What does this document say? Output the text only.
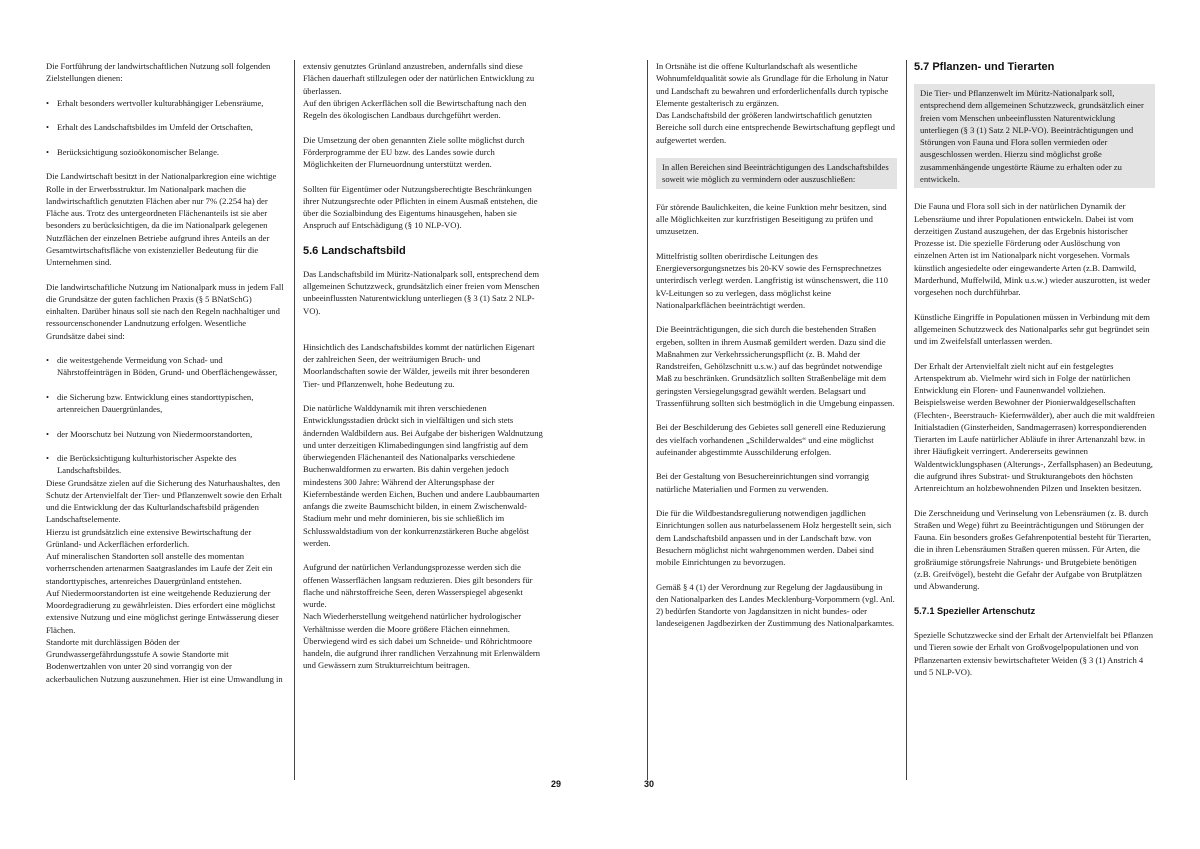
Die Fortführung der landwirtschaftlichen Nutzung soll folgenden Zielstellungen dienen:

• Erhalt besonders wertvoller kulturabhängiger Lebensräume,
• Erhalt des Landschaftsbildes im Umfeld der Ortschaften,
• Berücksichtigung sozioökonomischer Belange.

Die Landwirtschaft besitzt in der Nationalparkregion eine wichtige Rolle in der Erwerbsstruktur. Im Nationalpark machen die landwirtschaftlich genutzten Flächen aber nur 7% (2.254 ha) der Fläche aus. Trotz des untergeordneten Flächenanteils ist sie aber besonders zu berücksichtigen, da die im Nationalpark gelegenen Nutzflächen der einzelnen Betriebe aufgrund ihres Anteils an der Gesamtwirtschaftsfläche von existenzieller Bedeutung für die Unternehmen sind.

Die landwirtschaftliche Nutzung im Nationalpark muss in jedem Fall die Grundsätze der guten fachlichen Praxis (§ 5 BNatSchG) einhalten. Darüber hinaus soll sie nach den Regeln nachhaltiger und ressourcenschonender Landnutzung erfolgen. Wesentliche Grundsätze dabei sind:

• die weitestgehende Vermeidung von Schad- und Nährstoffeinträgen in Böden, Grund- und Oberflächengewässer,
• die Sicherung bzw. Entwicklung eines standorttypischen, artenreichen Dauergrünlandes,
• der Moorschutz bei Nutzung von Niedermoorstandorten,
• die Berücksichtigung kulturhistorischer Aspekte des Landschaftsbildes.

Diese Grundsätze zielen auf die Sicherung des Naturhaushaltes, den Schutz der Artenvielfalt der Tier- und Pflanzenwelt sowie den Erhalt und die Entwicklung der das Kulturlandschaftsbild prägenden Landschaftselemente.

Hierzu ist grundsätzlich eine extensive Bewirtschaftung der Grünland- und Ackerflächen erforderlich.

Auf mineralischen Standorten soll anstelle des momentan vorherrschenden artenarmen Saatgraslandes im Laufe der Zeit ein standorttypisches, artenreiches Dauergrünland entstehen.

Auf Niedermoorstandorten ist eine weitgehende Reduzierung der Moordegradierung zu gewährleisten. Dies erfordert eine möglichst extensive Nutzung und eine möglichst geringe Entwässerung dieser Flächen.

Standorte mit durchlässigen Böden der Grundwassergefährdungsstufe A sowie Standorte mit Bodenwertzahlen von unter 20 sind vorrangig von der ackerbaulichen Nutzung auszunehmen. Hier ist eine Umwandlung in

extensiv genutztes Grünland anzustreben, andernfalls sind diese Flächen dauerhaft stillzulegen oder der natürlichen Entwicklung zu überlassen.

Auf den übrigen Ackerflächen soll die Bewirtschaftung nach den Regeln des ökologischen Landbaus durchgeführt werden.

Die Umsetzung der oben genannten Ziele sollte möglichst durch Förderprogramme der EU bzw. des Landes sowie durch Möglichkeiten der Flurneuordnung unterstützt werden.

Sollten für Eigentümer oder Nutzungsberechtigte Beschränkungen ihrer Nutzungsrechte oder Pflichten in einem Ausmaß entstehen, die über die Sozialbindung des Eigentums hinausgehen, haben sie Anspruch auf Entschädigung (§ 10 NLP-VO).

5.6 Landschaftsbild

Das Landschaftsbild im Müritz-Nationalpark soll, entsprechend dem allgemeinen Schutzzweck, grundsätzlich einer freien vom Menschen unbeeinflussten Naturentwicklung unterliegen (§ 3 (1) Satz 2 NLP-VO).

Hinsichtlich des Landschaftsbildes kommt der natürlichen Eigenart der zahlreichen Seen, der weiträumigen Bruch- und Moorlandschaften sowie der Wälder, jeweils mit ihrer besonderen Tier- und Pflanzenwelt, hohe Bedeutung zu.

Die natürliche Walddynamik mit ihren verschiedenen Entwicklungsstadien drückt sich in vielfältigen und sich stets ändernden Waldbildern aus. Bei Aufgabe der bisherigen Waldnutzung und unter derzeitigen Klimabedingungen sind langfristig auf dem überwiegenden Flächenanteil des Nationalparks verschiedene Buchenwaldformen zu erwarten. Bis dahin vergehen jedoch mindestens 300 Jahre: Während der Alterungsphase der Kiefernbestände werden Eichen, Buchen und andere Laubbaumarten anfangs die zweite Baumschicht bilden, in einem Zwischenwald-Stadium mehr und mehr dominieren, bis sie schließlich im Schlusswaldstadium von der konkurrenzstärkeren Buche abgelöst werden.

Aufgrund der natürlichen Verlandungsprozesse werden sich die offenen Wasserflächen langsam reduzieren. Dies gilt besonders für flache und nährstoffreiche Seen, deren Wasserspiegel abgesenkt wurde.

Nach Wiederherstellung weitgehend natürlicher hydrologischer Verhältnisse werden die Moore größere Flächen einnehmen. Überwiegend wird es sich dabei um Schneide- und Röhrichtmoore handeln, die aufgrund ihrer randlichen Verzahnung mit Erlenwäldern und Gewässern zum Strukturreichtum beitragen.

In Ortsnähe ist die offene Kulturlandschaft als wesentliche Wohnumfeldqualität sowie als Grundlage für die Erholung in Natur und Landschaft zu bewahren und erforderlichenfalls durch typische Elemente gestalterisch zu ergänzen.

Das Landschaftsbild der größeren landwirtschaftlich genutzten Bereiche soll durch eine entsprechende Bewirtschaftung gepflegt und aufgewertet werden.

In allen Bereichen sind Beeinträchtigungen des Landschaftsbildes soweit wie möglich zu vermindern oder auszuschließen:

Für störende Baulichkeiten, die keine Funktion mehr besitzen, sind alle Möglichkeiten zur kurzfristigen Beseitigung zu prüfen und umzusetzen.

Mittelfristig sollten oberirdische Leitungen des Energieversorgungsnetzes bis 20-KV sowie des Fernsprechnetzes unterirdisch verlegt werden. Langfristig ist wünschenswert, die 110 kV-Leitungen so zu verlegen, dass möglichst keine Nationalparkflächen beeinträchtigt werden.

Die Beeinträchtigungen, die sich durch die bestehenden Straßen ergeben, sollten in ihrem Ausmaß gemildert werden. Dazu sind die Maßnahmen zur Verkehrssicherungspflicht (z. B. Mahd der Randstreifen, Gehölzschnitt u.s.w.) auf das begründet notwendige Maß zu beschränken. Grundsätzlich sollten Straßenbeläge mit dem geringsten Versiegelungsgrad gewählt werden. Belagsart und Trassenführung sollten sich bestmöglich in die Umgebung einpassen.

Bei der Beschilderung des Gebietes soll generell eine Reduzierung des vielfach vorhandenen „Schilderwaldes“ und eine möglichst aufeinander abgestimmte Ausschilderung erfolgen.

Bei der Gestaltung von Besuchereinrichtungen sind vorrangig natürliche Materialien und Formen zu verwenden.

Die für die Wildbestandsregulierung notwendigen jagdlichen Einrichtungen sollen aus naturbelassenem Holz hergestellt sein, sich dem Landschaftsbild anpassen und in der Landschaft bzw. von Besuchern möglichst nicht wahrgenommen werden. Dabei sind mobile Einrichtungen zu bevorzugen.

Gemäß § 4 (1) der Verordnung zur Regelung der Jagdausübung in den Nationalparken des Landes Mecklenburg-Vorpommern (vgl. Anl. 2) bedürfen Standorte von Jagdansitzen in nicht bundes- oder landeseigenen Jagdbezirken der Zustimmung des Nationalparkamtes.

5.7 Pflanzen- und Tierarten
Die Tier- und Pflanzenwelt im Müritz-Nationalpark soll, entsprechend dem allgemeinen Schutzzweck, grundsätzlich einer freien vom Menschen unbeeinflussten Naturentwicklung unterliegen (§ 3 (1) Satz 2 NLP-VO). Beeinträchtigungen und Störungen von Fauna und Flora sollen vermieden oder ausgeschlossen werden. Hierzu sind möglichst große zusammenhängende ungestörte Räume zu erhalten oder zu entwickeln.

Die Fauna und Flora soll sich in der natürlichen Dynamik der Lebensräume und ihrer Populationen entwickeln. Dabei ist vom derzeitigen Zustand auszugehen, der das Ergebnis historischer Prozesse ist. Die spezielle Förderung oder Auslöschung von einzelnen Arten ist im Nationalpark nicht vorgesehen. Vormals künstlich angesiedelte oder eingewanderte Arten (z.B. Damwild, Marderhund, Muffelwild, Mink u.s.w.) wieder auszurotten, ist weder vorgesehen noch durchführbar.

Künstliche Eingriffe in Populationen müssen in Verbindung mit dem allgemeinen Schutzzweck des Nationalparks sehr gut begründet sein und im Zweifelsfall unterlassen werden.

Der Erhalt der Artenvielfalt zielt nicht auf ein festgelegtes Artenspektrum ab. Vielmehr wird sich in Folge der natürlichen Entwicklung ein Floren- und Faunenwandel vollziehen. Beispielsweise werden Bewohner der Pionierwaldgesellschaften (Flechten-, Beerstrauch- Kiefernwälder), aber auch die mit waldfreien Initialstadien (Ginsterheiden, Sandmagerrasen) korrespondierenden Tierarten im Laufe natürlicher Abläufe in ihrer Artenanzahl bzw. in ihrer Häufigkeit verringert. Andererseits gewinnen Waldentwicklungsphasen (Alterungs-, Zerfallsphasen) an Bedeutung, die aufgrund ihres Substrat- und Strukturangebots den höchsten Artenreichtum an holzbewohnenden Pilzen und Insekten besitzen.

Die Zerschneidung und Verinselung von Lebensräumen (z. B. durch Straßen und Wege) führt zu Beeinträchtigungen und Störungen der Fauna. Ein besonders großes Gefahrenpotential besteht für Tierarten, die in ihren Lebensräumen Straßen queren müssen. Für Arten, die großräumige störungsfreie Nahrungs- und Brutgebiete benötigen (z.B. Greifvögel), besteht die Gefahr der Aufgabe von Brutplätzen und Abwanderung.

5.7.1 Spezieller Artenschutz

Spezielle Schutzzwecke sind der Erhalt der Artenvielfalt bei Pflanzen und Tieren sowie der Erhalt von Großvogelpopulationen und von Pflanzenarten extensiv bewirtschafteter Weiden (§ 3 (1) Anstrich 4 und 5 NLP-VO).

29	30
